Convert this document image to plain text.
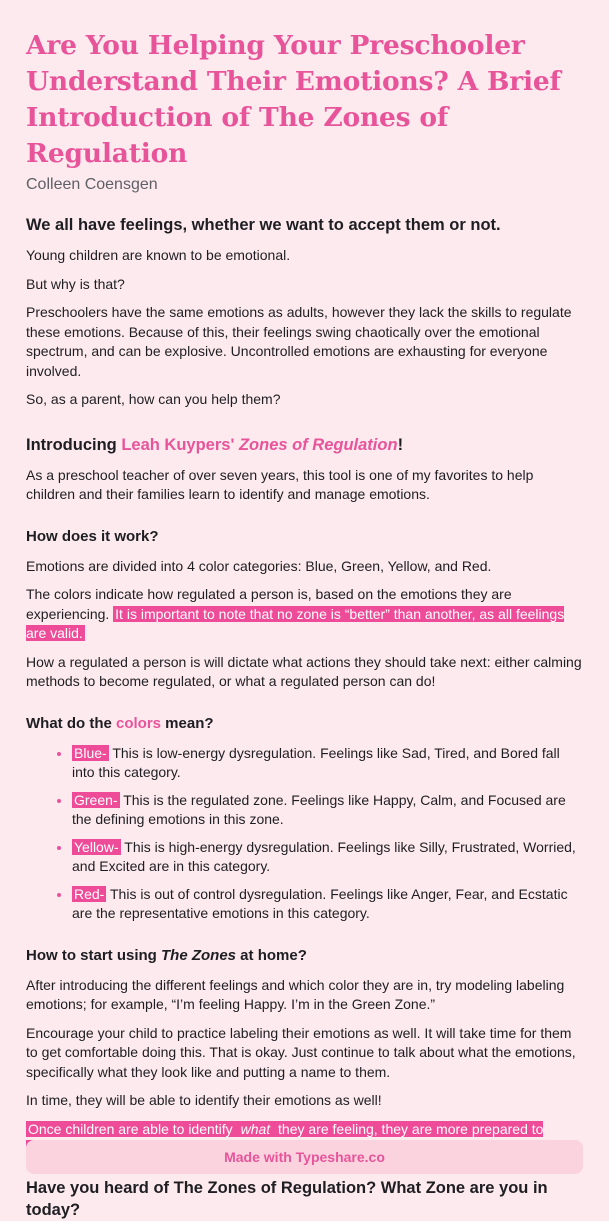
Are You Helping Your Preschooler Understand Their Emotions? A Brief Introduction of The Zones of Regulation
Colleen Coensgen
We all have feelings, whether we want to accept them or not.

Young children are known to be emotional.

But why is that?

Preschoolers have the same emotions as adults, however they lack the skills to regulate these emotions. Because of this, their feelings swing chaotically over the emotional spectrum, and can be explosive. Uncontrolled emotions are exhausting for everyone involved.

So, as a parent, how can you help them?

Introducing Leah Kuypers' Zones of Regulation!

As a preschool teacher of over seven years, this tool is one of my favorites to help children and their families learn to identify and manage emotions.

How does it work?

Emotions are divided into 4 color categories: Blue, Green, Yellow, and Red.

The colors indicate how regulated a person is, based on the emotions they are experiencing. It is important to note that no zone is “better” than another, as all feelings are valid.

How a regulated a person is will dictate what actions they should take next: either calming methods to become regulated, or what a regulated person can do!

What do the colors mean?
• Blue- This is low-energy dysregulation. Feelings like Sad, Tired, and Bored fall into this category.
• Green- This is the regulated zone. Feelings like Happy, Calm, and Focused are the defining emotions in this zone.
• Yellow- This is high-energy dysregulation. Feelings like Silly, Frustrated, Worried, and Excited are in this category.
• Red- This is out of control dysregulation. Feelings like Anger, Fear, and Ecstatic are the representative emotions in this category.
How to start using The Zones at home?

After introducing the different feelings and which color they are in, try modeling labeling emotions; for example, “I’m feeling Happy. I’m in the Green Zone.”

Encourage your child to practice labeling their emotions as well. It will take time for them to get comfortable doing this. That is okay. Just continue to talk about what the emotions, specifically what they look like and putting a name to them.

In time, they will be able to identify their emotions as well!

Once children are able to identify what they are feeling, they are more prepared to

Have you heard of The Zones of Regulation? What Zone are you in today?
Made with Typeshare.co
